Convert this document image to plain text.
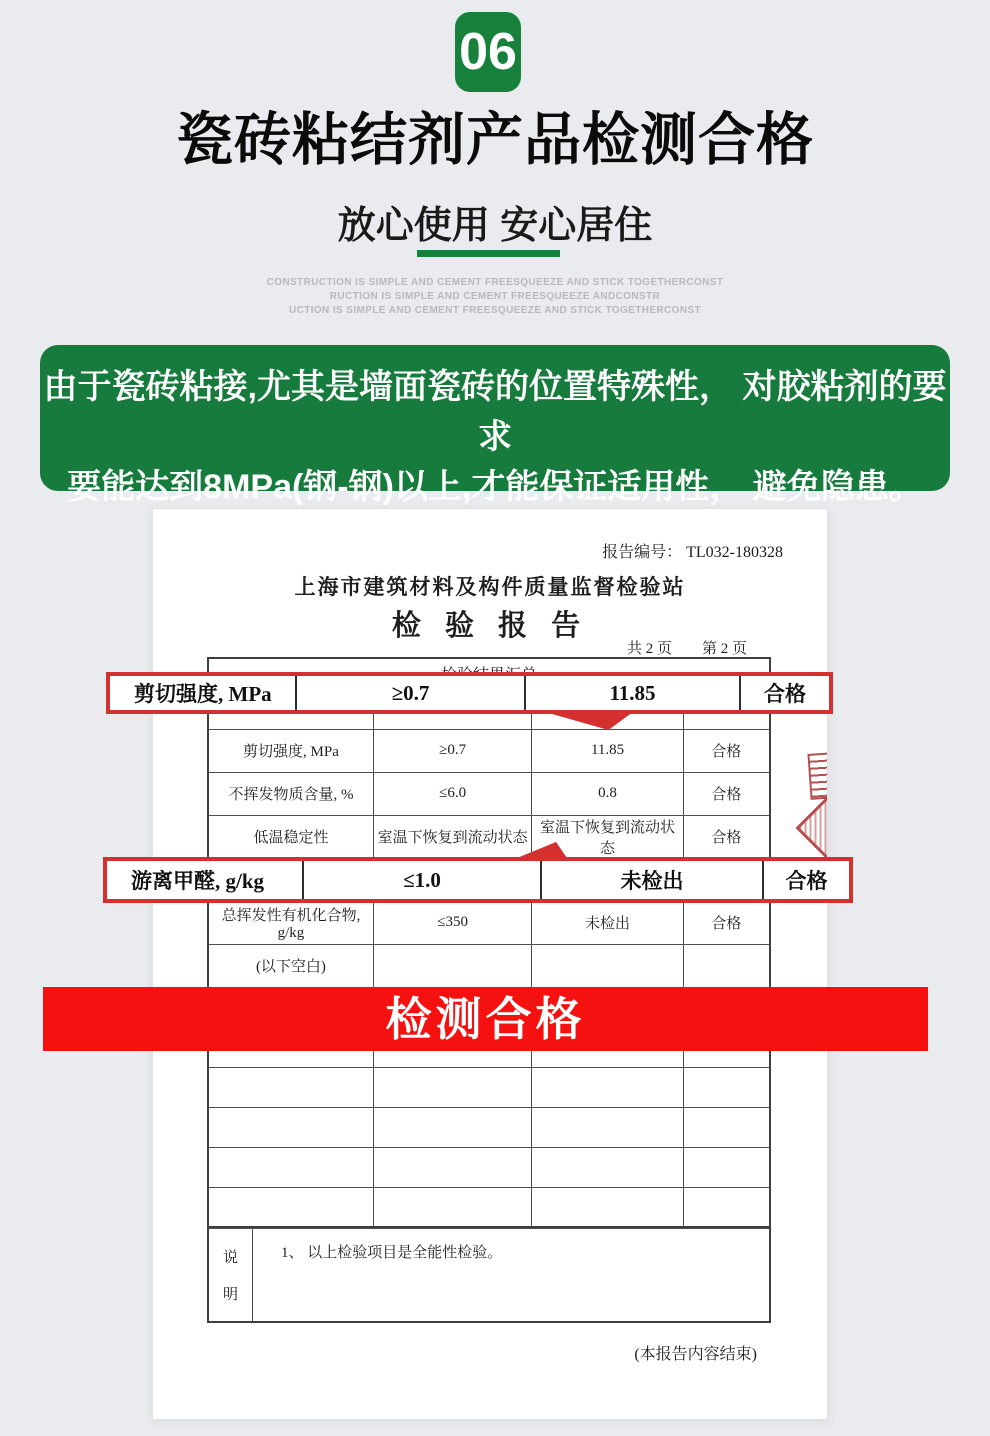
06
瓷砖粘结剂产品检测合格
放心使用 安心居住
CONSTRUCTION IS SIMPLE AND CEMENT FREESQUEEZE AND STICK TOGETHERCONST
RUCTION IS SIMPLE AND CEMENT FREESQUEEZE ANDCONSTR
UCTION IS SIMPLE AND CEMENT FREESQUEEZE AND STICK TOGETHERCONST
由于瓷砖粘接,尤其是墙面瓷砖的位置特殊性， 对胶粘剂的要求
要能达到8MPa(钢-钢)以上,才能保证适用性， 避免隐患。
报告编号： TL032-180328
上海市建筑材料及构件质量监督检验站
检 验 报 告
共 2 页　　第 2 页

剪切强度, MPa	≥0.7	11.85	合格
不挥发物质含量, %	≤6.0	0.8	合格
低温稳定性	室温下恢复到流动状态	室温下恢复到流动状态	合格

总挥发性有机化合物, g/kg	≤350	未检出	合格
(以下空白)			

说
明
1、 以上检验项目是全能性检验。
(本报告内容结束)
剪切强度, MPa	≥0.7	11.85	合格
游离甲醛, g/kg	≤1.0	未检出	合格
检测合格
